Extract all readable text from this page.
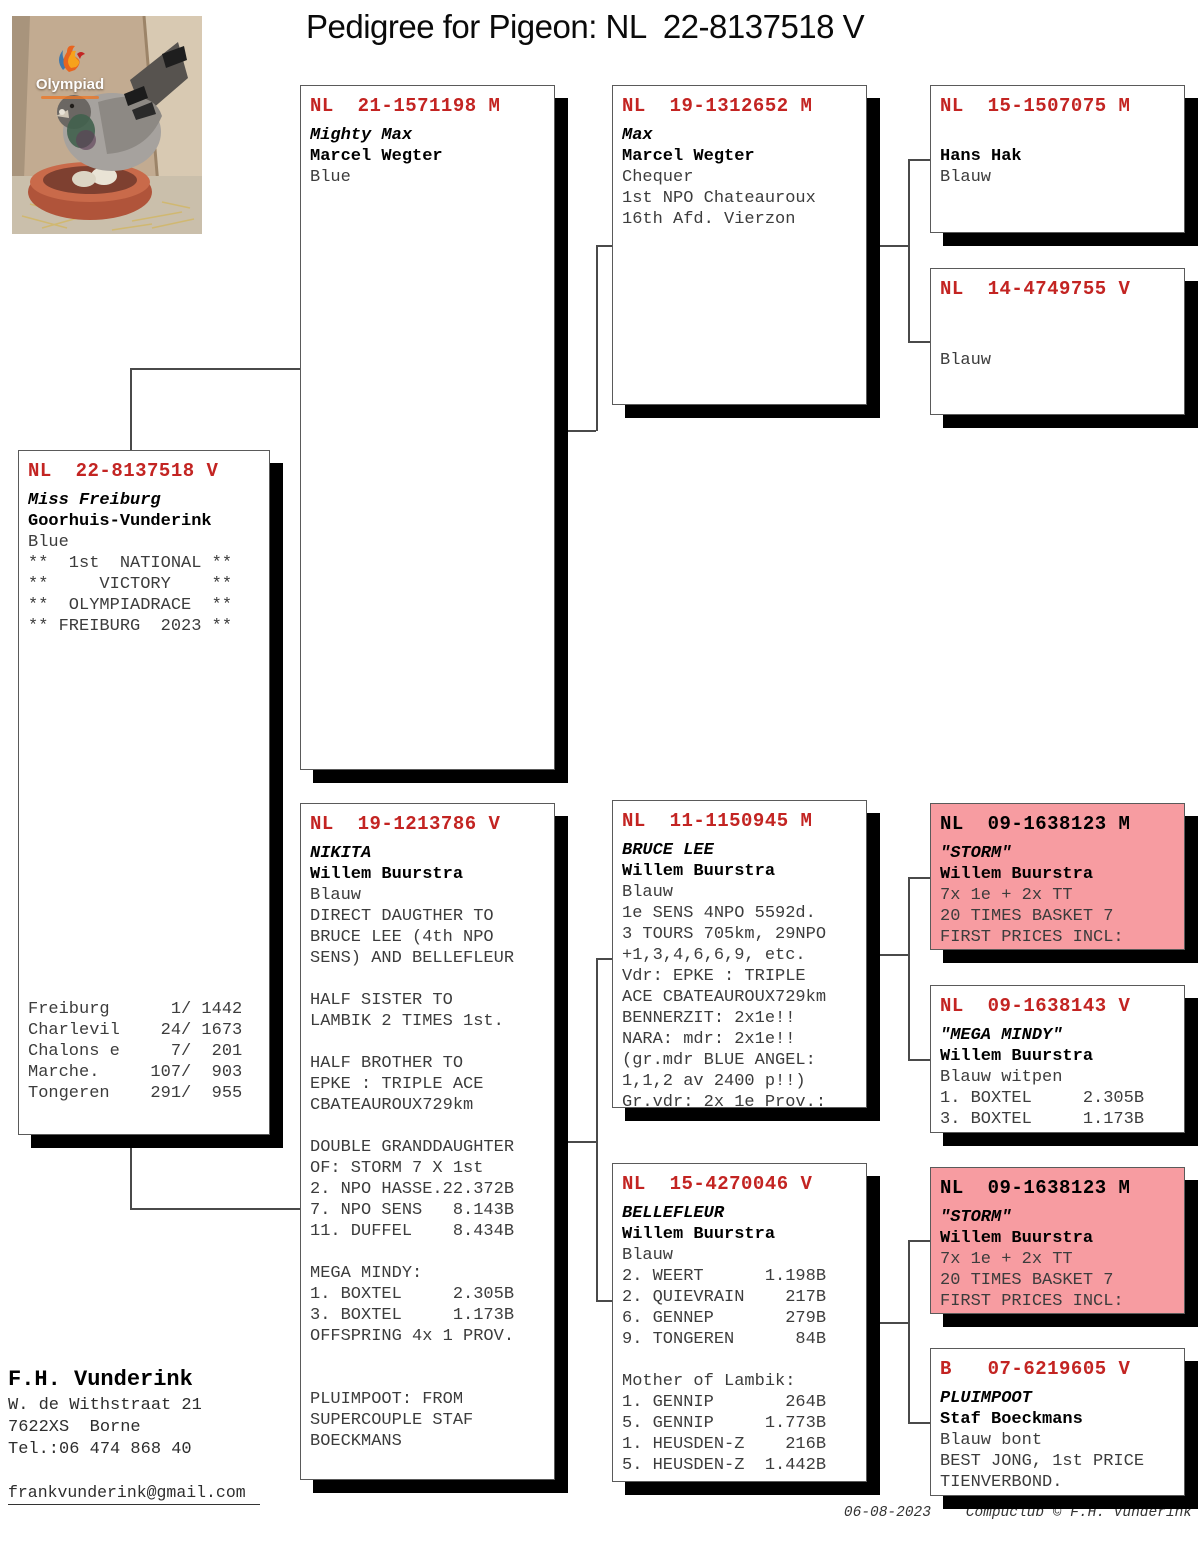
Pedigree for Pigeon: NL  22-8137518 V
Olympiad
NL  22-8137518 V
Miss Freiburg
Goorhuis-Vunderink
Blue
**  1st  NATIONAL **
**     VICTORY    **
**  OLYMPIADRACE  **
** FREIBURG  2023 **
Freiburg      1/ 1442
Charlevil    24/ 1673
Chalons e     7/  201
Marche.     107/  903
Tongeren    291/  955
NL  21-1571198 M
Mighty Max
Marcel Wegter
Blue
NL  19-1213786 V
NIKITA
Willem Buurstra
Blauw
DIRECT DAUGTHER TO
BRUCE LEE (4th NPO
SENS) AND BELLEFLEUR
HALF SISTER TO
LAMBIK 2 TIMES 1st.
HALF BROTHER TO
EPKE : TRIPLE ACE
CBATEAUROUX729km
DOUBLE GRANDDAUGHTER
OF: STORM 7 X 1st
2. NPO HASSE.22.372B
7. NPO SENS   8.143B
11. DUFFEL    8.434B
MEGA MINDY:
1. BOXTEL     2.305B
3. BOXTEL     1.173B
OFFSPRING 4x 1 PROV.
PLUIMPOOT: FROM
SUPERCOUPLE STAF
BOECKMANS
NL  19-1312652 M
Max
Marcel Wegter
Chequer
1st NPO Chateauroux
16th Afd. Vierzon
NL  15-1507075 M
Hans Hak
Blauw
NL  14-4749755 V
Blauw
NL  11-1150945 M
BRUCE LEE
Willem Buurstra
Blauw
1e SENS 4NPO 5592d.
3 TOURS 705km, 29NPO
+1,3,4,6,6,9, etc.
Vdr: EPKE : TRIPLE
ACE CBATEAUROUX729km
BENNERZIT: 2x1e!!
NARA: mdr: 2x1e!!
(gr.mdr BLUE ANGEL:
1,1,2 av 2400 p!!)
Gr.vdr: 2x 1e Prov.:
NL  15-4270046 V
BELLEFLEUR
Willem Buurstra
Blauw
2. WEERT      1.198B
2. QUIEVRAIN    217B
6. GENNEP       279B
9. TONGEREN      84B
Mother of Lambik:
1. GENNIP       264B
5. GENNIP     1.773B
1. HEUSDEN-Z    216B
5. HEUSDEN-Z  1.442B
NL  09-1638123 M
"STORM"
Willem Buurstra
7x 1e + 2x TT
20 TIMES BASKET 7
FIRST PRICES INCL:
NL  09-1638143 V
"MEGA MINDY"
Willem Buurstra
Blauw witpen
1. BOXTEL     2.305B
3. BOXTEL     1.173B
NL  09-1638123 M
"STORM"
Willem Buurstra
7x 1e + 2x TT
20 TIMES BASKET 7
FIRST PRICES INCL:
B   07-6219605 V
PLUIMPOOT
Staf Boeckmans
Blauw bont
BEST JONG, 1st PRICE
TIENVERBOND.
F.H. Vunderink
W. de Withstraat 21
7622XS  Borne
Tel.:06 474 868 40
frankvunderink@gmail.com
06-08-2023 Compuclub © F.H. Vunderink
